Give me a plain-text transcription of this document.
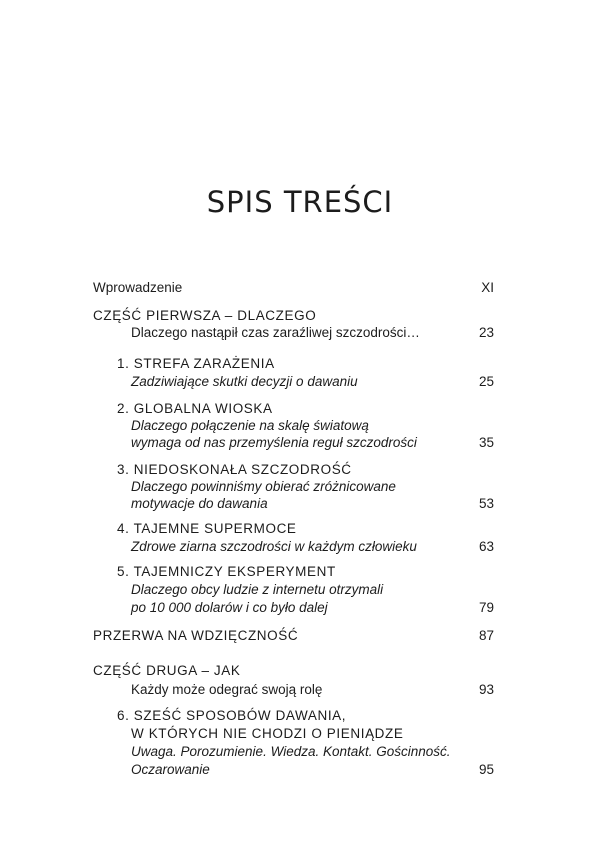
SPIS TREŚCI
Wprowadzenie	XI
CZĘŚĆ PIERWSZA – DLACZEGO
Dlaczego nastąpił czas zaraźliwej szczodrości…	23
1. STREFA ZARAŻENIA
Zadziwiające skutki decyzji o dawaniu	25
2. GLOBALNA WIOSKA
Dlaczego połączenie na skalę światową
wymaga od nas przemyślenia reguł szczodrości	35
3. NIEDOSKONAŁA SZCZODROŚĆ
Dlaczego powinniśmy obierać zróżnicowane
motywacje do dawania	53
4. TAJEMNE SUPERMOCE
Zdrowe ziarna szczodrości w każdym człowieku	63
5. TAJEMNICZY EKSPERYMENT
Dlaczego obcy ludzie z internetu otrzymali
po 10 000 dolarów i co było dalej	79
PRZERWA NA WDZIĘCZNOŚĆ	87
CZĘŚĆ DRUGA – JAK
Każdy może odegrać swoją rolę	93
6. SZEŚĆ SPOSOBÓW DAWANIA,
W KTÓRYCH NIE CHODZI O PIENIĄDZE
Uwaga. Porozumienie. Wiedza. Kontakt. Gościnność.
Oczarowanie	95
